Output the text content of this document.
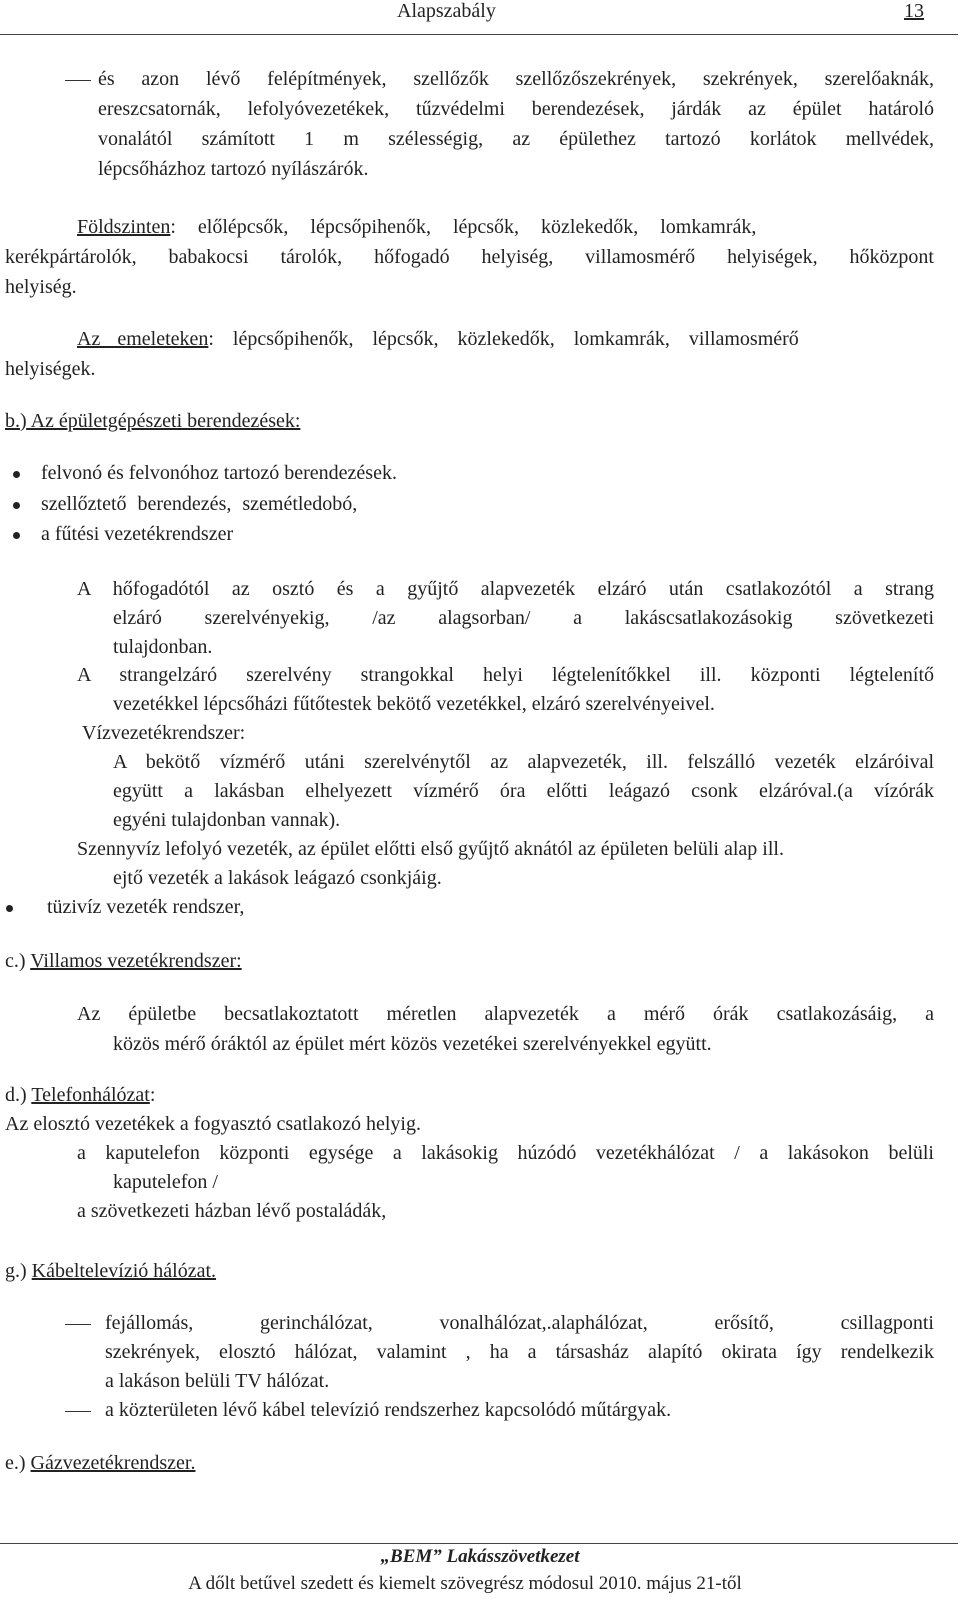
Alapszabály	13
és azon lévő felépítmények, szellőzők szellőzőszekrények, szekrények, szerelőaknák,
ereszcsatornák, lefolyóvezetékek, tűzvédelmi berendezések, járdák az épület határoló
vonalától számított 1 m szélességig, az épülethez tartozó korlátok mellvédek,
lépcsőházhoz tartozó nyílászárók.
Földszinten: előlépcsők, lépcsőpihenők, lépcsők, közlekedők, lomkamrák,
kerékpártárolók, babakocsi tárolók, hőfogadó helyiség, villamosmérő helyiségek, hőközpont
helyiség.
Az emeleteken: lépcsőpihenők, lépcsők, közlekedők, lomkamrák, villamosmérő
helyiségek.
b.) Az épületgépészeti berendezések:
felvonó és felvonóhoz tartozó berendezések.
szellőztető berendezés, szemétledobó,
a fűtési vezetékrendszer
A hőfogadótól az osztó és a gyűjtő alapvezeték elzáró után csatlakozótól a strang
elzáró szerelvényekig, /az alagsorban/ a lakáscsatlakozásokig szövetkezeti
tulajdonban.
A strangelzáró szerelvény strangokkal helyi légtelenítőkkel ill. központi légtelenítő
vezetékkel lépcsőházi fűtőtestek bekötő vezetékkel, elzáró szerelvényeivel.
Vízvezetékrendszer:
A bekötő vízmérő utáni szerelvénytől az alapvezeték, ill. felszálló vezeték elzáróival
együtt a lakásban elhelyezett vízmérő óra előtti leágazó csonk elzáróval.(a vízórák
egyéni tulajdonban vannak).
Szennyvíz lefolyó vezeték, az épület előtti első gyűjtő aknától az épületen belüli alap ill.
ejtő vezeték a lakások leágazó csonkjáig.
tüzivíz vezeték rendszer,
c.) Villamos vezetékrendszer:
Az épületbe becsatlakoztatott méretlen alapvezeték a mérő órák csatlakozásáig, a
közös mérő óráktól az épület mért közös vezetékei szerelvényekkel együtt.
d.) Telefonhálózat:
Az elosztó vezetékek a fogyasztó csatlakozó helyig.
a kaputelefon központi egysége a lakásokig húzódó vezetékhálózat / a lakásokon belüli
kaputelefon /
a szövetkezeti házban lévő postaládák,
g.) Kábeltelevízió hálózat.
fejállomás, gerinchálózat, vonalhálózat,.alaphálózat, erősítő, csillagponti
szekrények, elosztó hálózat, valamint , ha a társasház alapító okirata így rendelkezik
a lakáson belüli TV hálózat.
a közterületen lévő kábel televízió rendszerhez kapcsolódó műtárgyak.
e.) Gázvezetékrendszer.
„BEM” Lakásszövetkezet
A dőlt betűvel szedett és kiemelt szövegrész módosul 2010. május 21-től
